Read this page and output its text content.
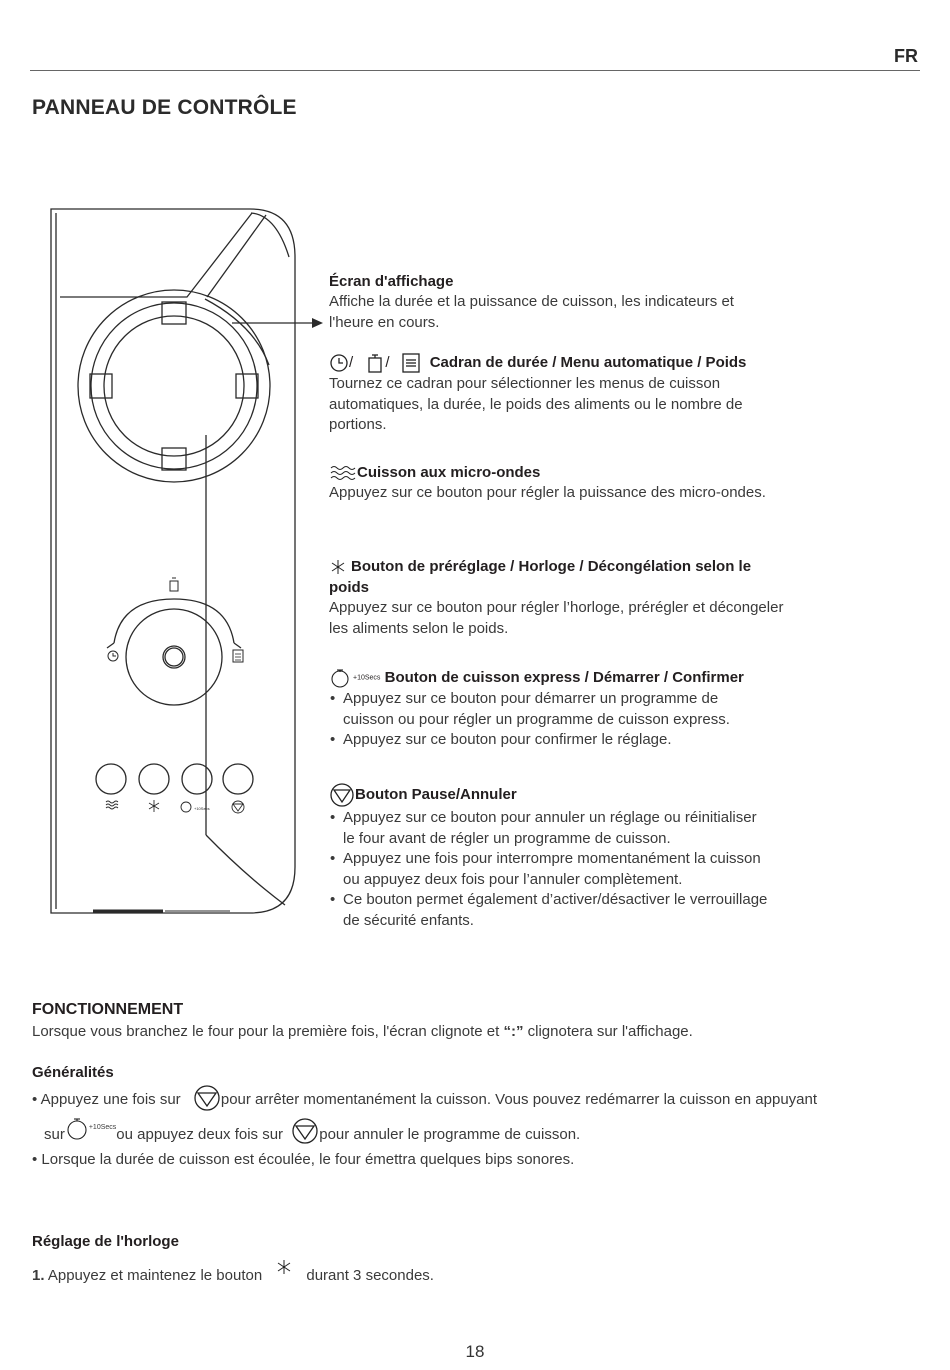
FR
PANNEAU DE CONTRÔLE
+10Secs
Écran d'affichage
Affiche la durée et la puissance de cuisson, les indicateurs et l'heure en cours.
/ /	Cadran de durée / Menu automatique / Poids
Tournez ce cadran pour sélectionner les menus de cuisson automatiques, la durée, le poids des aliments ou le nombre de portions.
Cuisson aux micro-ondes
Appuyez sur ce bouton pour régler la puissance des micro-ondes.
Bouton de préréglage / Horloge / Décongélation selon le poids
Appuyez sur ce bouton pour régler l’horloge, prérégler et décongeler les aliments selon le poids.
+10Secs Bouton de cuisson express / Démarrer / Confirmer
• Appuyez sur ce bouton pour démarrer un programme de cuisson ou pour régler un programme de cuisson express.
• Appuyez sur ce bouton pour confirmer le réglage.
Bouton Pause/Annuler
• Appuyez sur ce bouton pour annuler un réglage ou réinitialiser le four avant de régler un programme de cuisson.
• Appuyez une fois pour interrompre momentanément la cuisson ou appuyez deux fois pour l’annuler complètement.
• Ce bouton permet également d’activer/désactiver le verrouillage de sécurité enfants.
FONCTIONNEMENT
Lorsque vous branchez le four pour la première fois, l'écran clignote et “:” clignotera sur l'affichage.
Généralités
• Appuyez une fois sur	pour arrêter momentanément la cuisson. Vous pouvez redémarrer la cuisson en appuyant
sur	$^{+10Secs}$ou appuyez deux fois sur pour annuler le programme de cuisson.
• Lorsque la durée de cuisson est écoulée, le four émettra quelques bips sonores.
Réglage de l'horloge
1. Appuyez et maintenez le bouton	durant 3 secondes.
18
